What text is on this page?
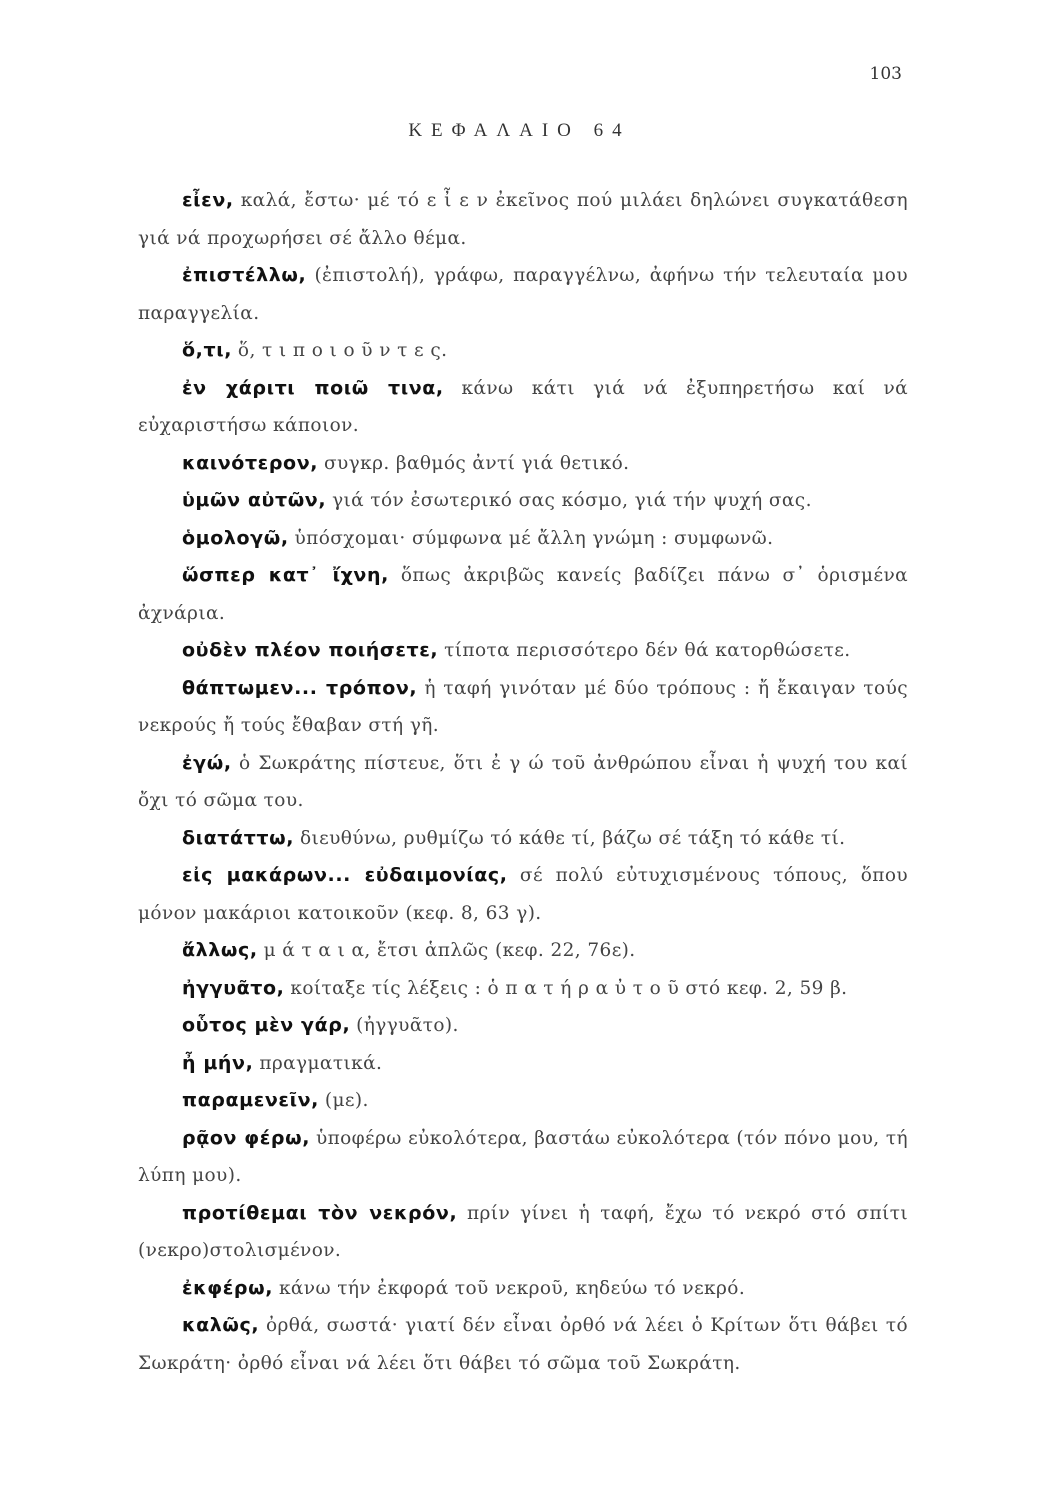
103
ΚΕΦΑΛΑΙΟ 64

εἶεν, καλά, ἔστω· μέ τό ε ἶ ε ν ἐκεῖνος πού μιλάει δηλώνει συγκατάθεση γιά νά προχωρήσει σέ ἄλλο θέμα.

ἐπιστέλλω, (ἐπιστολή), γράφω, παραγγέλνω, ἀφήνω τήν τελευταία μου παραγγελία.

ὅ,τι, ὅ, τ ι π ο ι ο ῦ ν τ ε ς.

ἐν χάριτι ποιῶ τινα, κάνω κάτι γιά νά ἐξυπηρετήσω καί νά εὐχαριστήσω κάποιον.

καινότερον, συγκρ. βαθμός ἀντί γιά θετικό.

ὑμῶν αὐτῶν, γιά τόν ἐσωτερικό σας κόσμο, γιά τήν ψυχή σας.

ὁμολογῶ, ὑπόσχομαι· σύμφωνα μέ ἄλλη γνώμη : συμφωνῶ.

ὥσπερ κατ᾽ ἴχνη, ὅπως ἀκριβῶς κανείς βαδίζει πάνω σ᾽ ὁρισμένα ἀχνάρια.

οὐδὲν πλέον ποιήσετε, τίποτα περισσότερο δέν θά κατορθώσετε.

θάπτωμεν... τρόπον, ἡ ταφή γινόταν μέ δύο τρόπους : ἤ ἔκαιγαν τούς νεκρούς ἤ τούς ἔθαβαν στή γῆ.

ἐγώ, ὁ Σωκράτης πίστευε, ὅτι ἐ γ ώ τοῦ ἀνθρώπου εἶναι ἡ ψυχή του καί ὄχι τό σῶμα του.

διατάττω, διευθύνω, ρυθμίζω τό κάθε τί, βάζω σέ τάξη τό κάθε τί.

εἰς μακάρων... εὐδαιμονίας, σέ πολύ εὐτυχισμένους τόπους, ὅπου μόνον μακάριοι κατοικοῦν (κεφ. 8, 63 γ).

ἄλλως, μ ά τ α ι α, ἔτσι ἁπλῶς (κεφ. 22, 76ε).

ἠγγυᾶτο, κοίταξε τίς λέξεις : ὁ π α τ ή ρ α ὐ τ ο ῦ στό κεφ. 2, 59 β.

οὗτος μὲν γάρ, (ἠγγυᾶτο).

ἦ μήν, πραγματικά.

παραμενεῖν, (με).

ρᾷον φέρω, ὑποφέρω εὐκολότερα, βαστάω εὐκολότερα (τόν πόνο μου, τή λύπη μου).

προτίθεμαι τὸν νεκρόν, πρίν γίνει ἡ ταφή, ἔχω τό νεκρό στό σπίτι (νεκρο)στολισμένον.

ἐκφέρω, κάνω τήν ἐκφορά τοῦ νεκροῦ, κηδεύω τό νεκρό.

καλῶς, ὀρθά, σωστά· γιατί δέν εἶναι ὀρθό νά λέει ὁ Κρίτων ὅτι θάβει τό Σωκράτη· ὀρθό εἶναι νά λέει ὅτι θάβει τό σῶμα τοῦ Σωκράτη.
